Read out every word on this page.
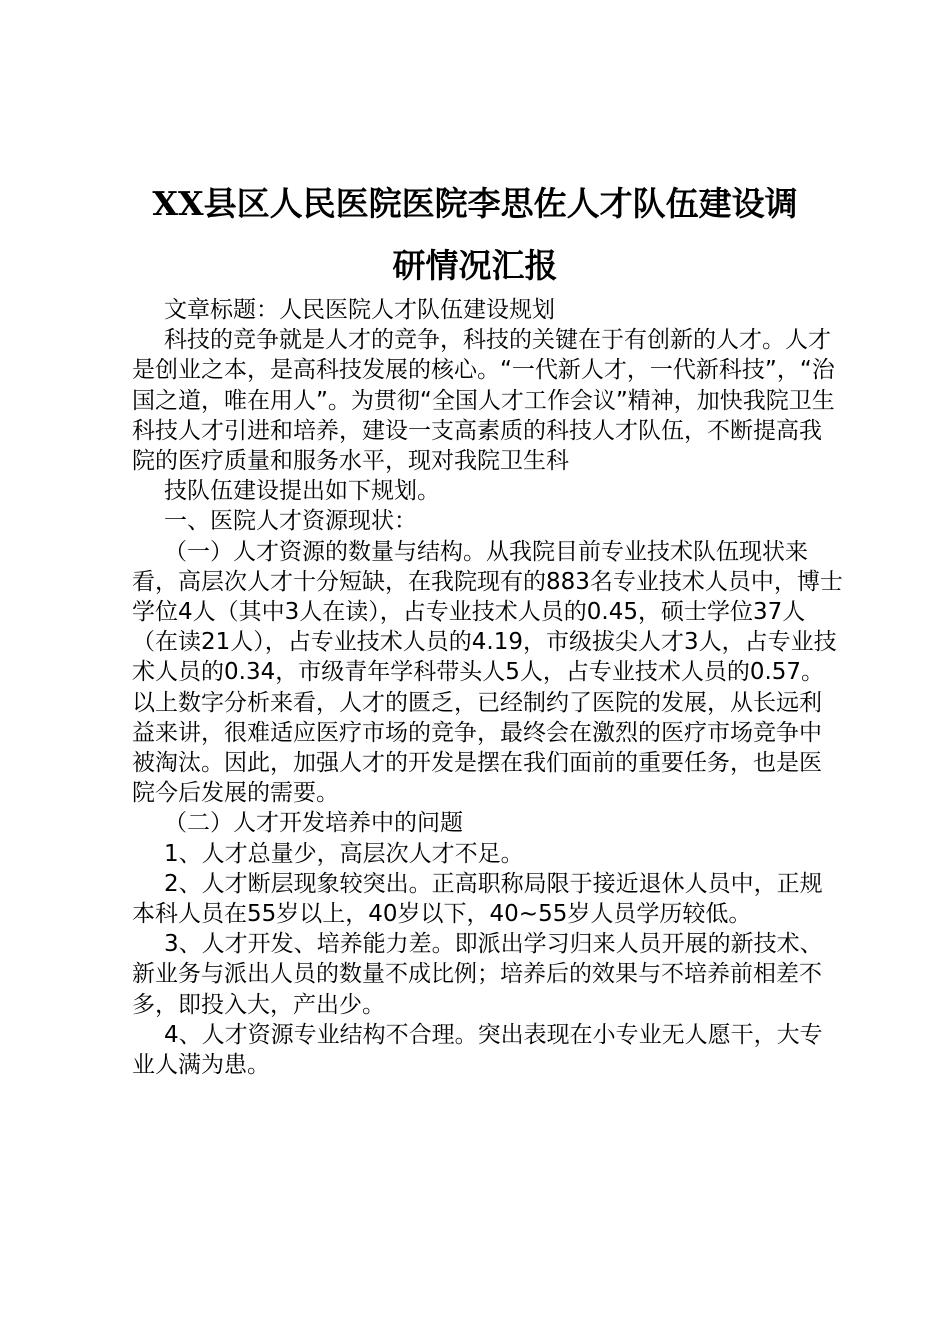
XX县区人民医院医院李思佐人才队伍建设调
研情况汇报

文章标题：人民医院人才队伍建设规划

科技的竞争就是人才的竞争，科技的关键在于有创新的人才。人才是创业之本，是高科技发展的核心。“一代新人才，一代新科技”，“治国之道，唯在用人”。为贯彻“全国人才工作会议”精神，加快我院卫生科技人才引进和培养，建设一支高素质的科技人才队伍，不断提高我院的医疗质量和服务水平，现对我院卫生科

技队伍建设提出如下规划。

一、医院人才资源现状：

（一）人才资源的数量与结构。从我院目前专业技术队伍现状来看，高层次人才十分短缺，在我院现有的883名专业技术人员中，博士学位4人（其中3人在读），占专业技术人员的0.45，硕士学位37人（在读21人），占专业技术人员的4.19，市级拔尖人才3人，占专业技术人员的0.34，市级青年学科带头人5人，占专业技术人员的0.57。以上数字分析来看，人才的匮乏，已经制约了医院的发展，从长远利益来讲，很难适应医疗市场的竞争，最终会在激烈的医疗市场竞争中被淘汰。因此，加强人才的开发是摆在我们面前的重要任务，也是医院今后发展的需要。

（二）人才开发培养中的问题

1、人才总量少，高层次人才不足。

2、人才断层现象较突出。正高职称局限于接近退休人员中，正规本科人员在55岁以上，40岁以下，40~55岁人员学历较低。

3、人才开发、培养能力差。即派出学习归来人员开展的新技术、新业务与派出人员的数量不成比例；培养后的效果与不培养前相差不多，即投入大，产出少。

4、人才资源专业结构不合理。突出表现在小专业无人愿干，大专业人满为患。
